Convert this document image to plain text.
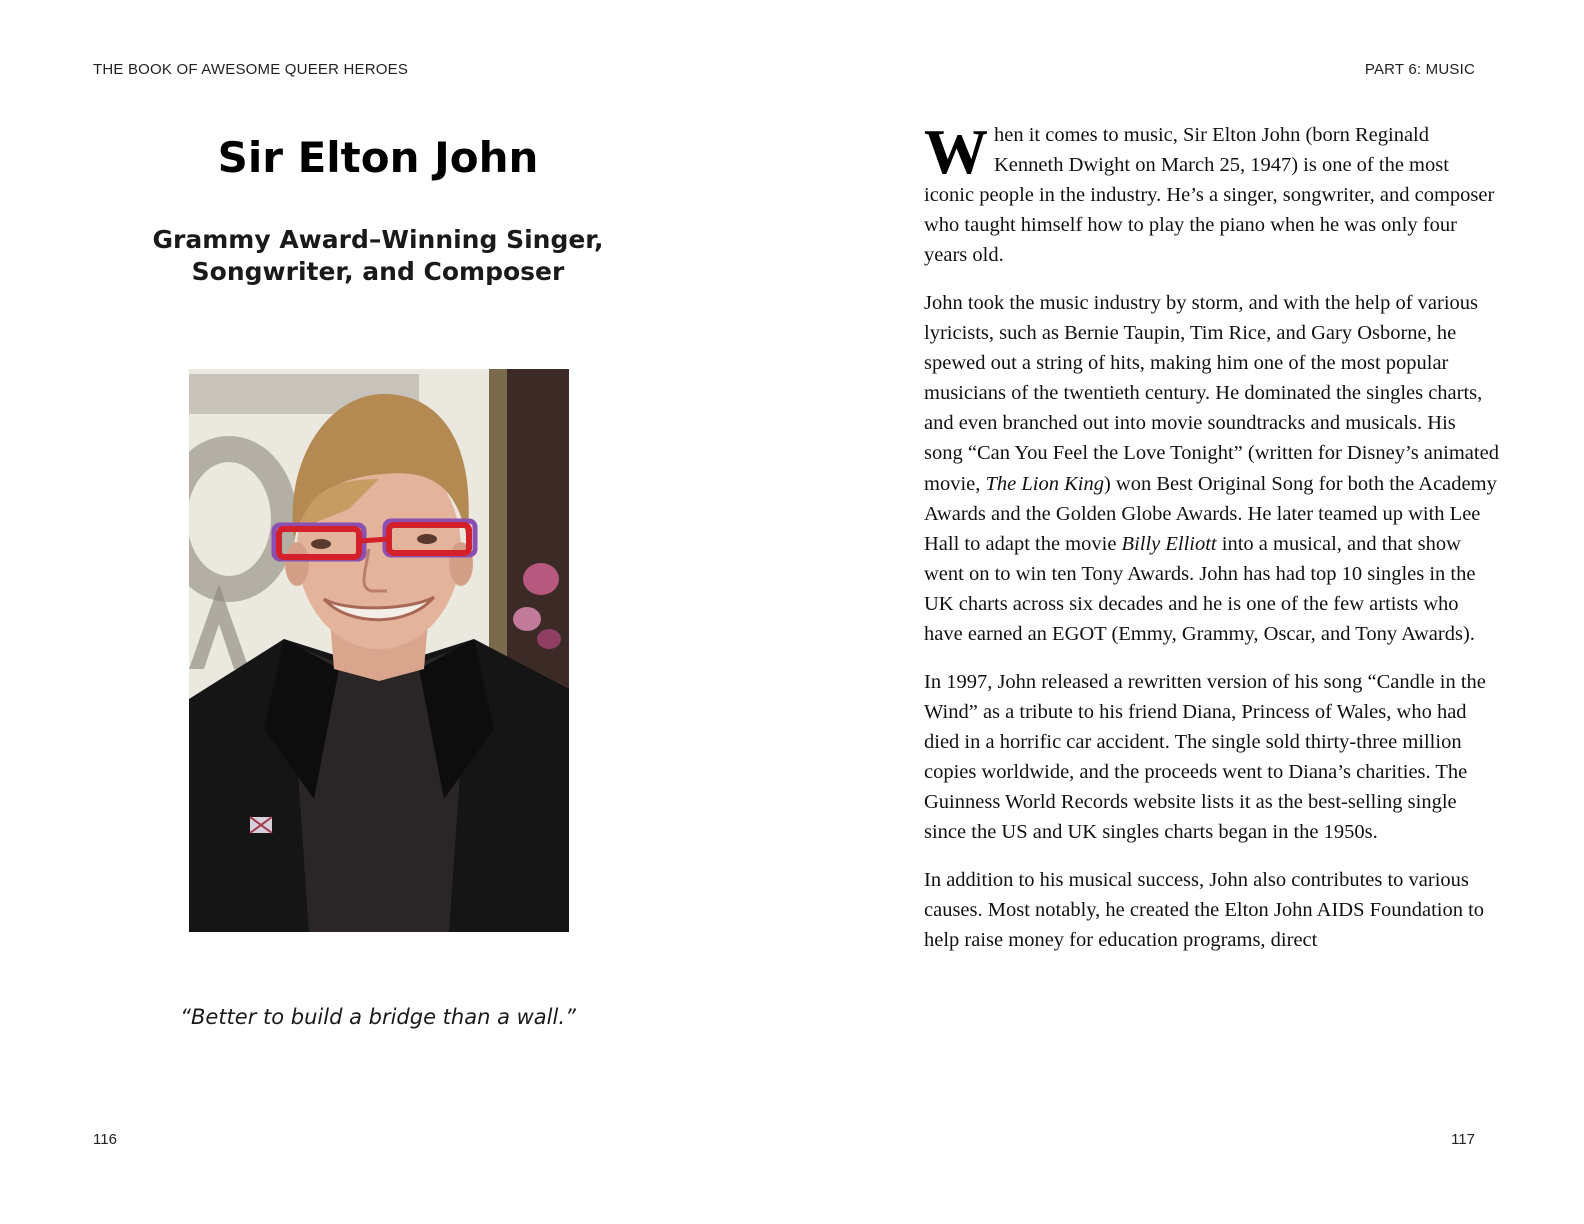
THE BOOK OF AWESOME QUEER HEROES
Sir Elton John
Grammy Award–Winning Singer,
Songwriter, and Composer

“Better to build a bridge than a wall.”

116
PART 6: MUSIC
117

When it comes to music, Sir Elton John (born Reginald Kenneth Dwight on March 25, 1947) is one of the most iconic people in the industry. He’s a singer, songwriter, and composer who taught himself how to play the piano when he was only four years old.

John took the music industry by storm, and with the help of various lyricists, such as Bernie Taupin, Tim Rice, and Gary Osborne, he spewed out a string of hits, making him one of the most popular musicians of the twentieth century. He dominated the singles charts, and even branched out into movie soundtracks and musicals. His song “Can You Feel the Love Tonight” (written for Disney’s animated movie, The Lion King) won Best Original Song for both the Academy Awards and the Golden Globe Awards. He later teamed up with Lee Hall to adapt the movie Billy Elliott into a musical, and that show went on to win ten Tony Awards. John has had top 10 singles in the UK charts across six decades and he is one of the few artists who have earned an EGOT (Emmy, Grammy, Oscar, and Tony Awards).

In 1997, John released a rewritten version of his song “Candle in the Wind” as a tribute to his friend Diana, Princess of Wales, who had died in a horrific car accident. The single sold thirty-three million copies worldwide, and the proceeds went to Diana’s charities. The Guinness World Records website lists it as the best-selling single since the US and UK singles charts began in the 1950s.

In addition to his musical success, John also contributes to various causes. Most notably, he created the Elton John AIDS Foundation to help raise money for education programs, direct
